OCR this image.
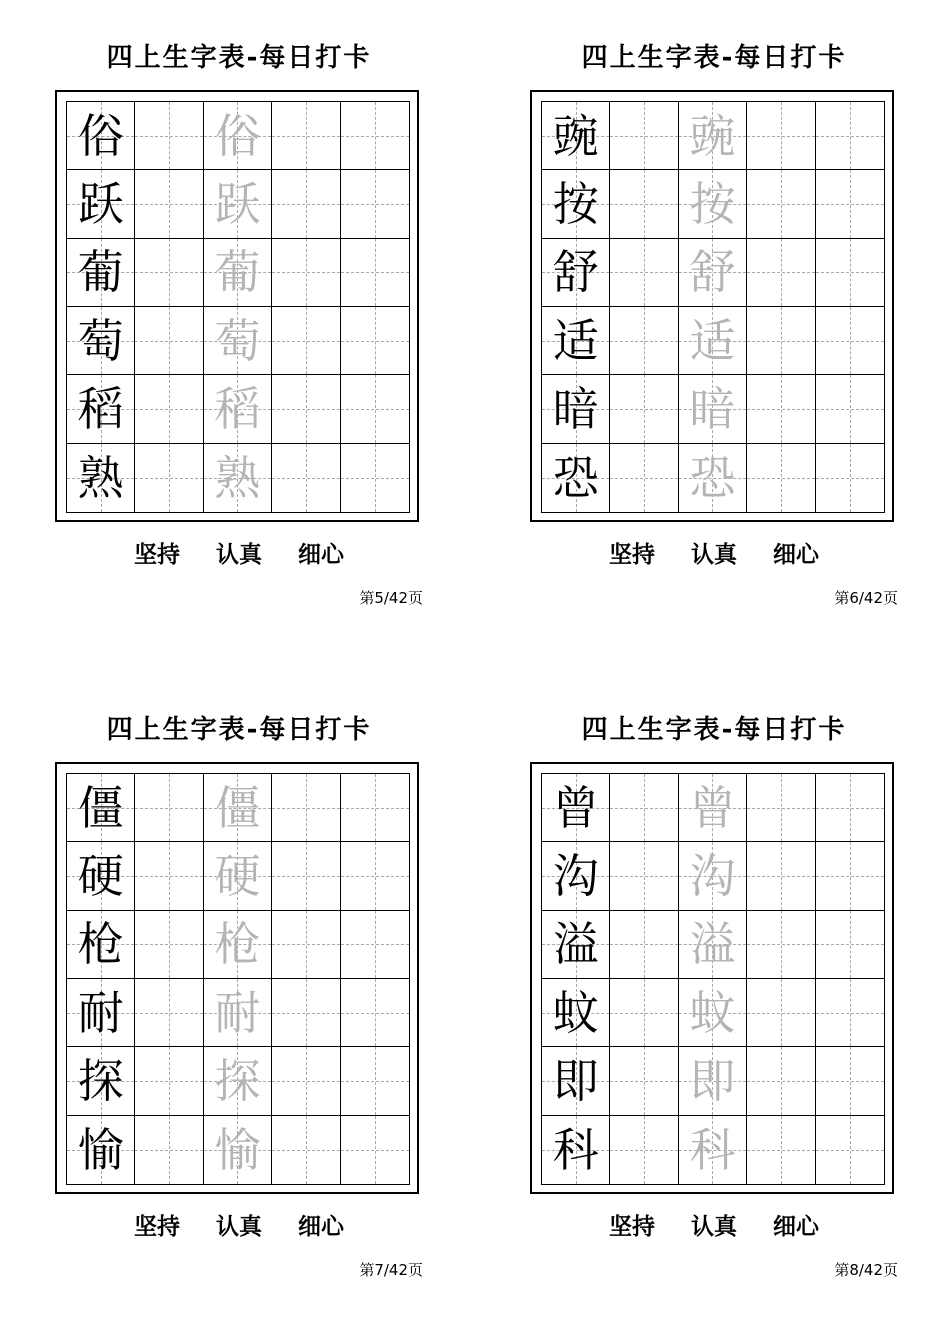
四上生字表-每日打卡
俗 俗
跃 跃
葡 葡
萄 萄
稻 稻
熟 熟
坚持 认真 细心
第5/42页
四上生字表-每日打卡
豌 豌
按 按
舒 舒
适 适
暗 暗
恐 恐
坚持 认真 细心
第6/42页
四上生字表-每日打卡
僵 僵
硬 硬
枪 枪
耐 耐
探 探
愉 愉
坚持 认真 细心
第7/42页
四上生字表-每日打卡
曾 曾
沟 沟
溢 溢
蚊 蚊
即 即
科 科
坚持 认真 细心
第8/42页
